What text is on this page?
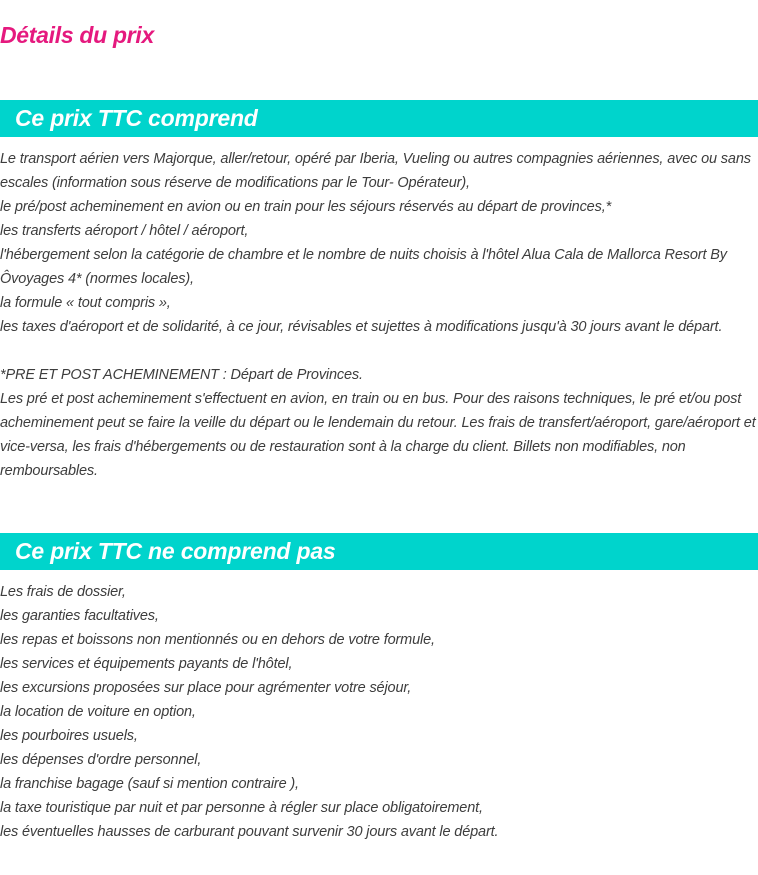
Détails du prix
Ce prix TTC comprend

Le transport aérien vers Majorque, aller/retour, opéré par Iberia, Vueling ou autres compagnies aériennes, avec ou sans escales (information sous réserve de modifications par le Tour- Opérateur),

le pré/post acheminement en avion ou en train pour les séjours réservés au départ de provinces,*

les transferts aéroport / hôtel / aéroport,

l'hébergement selon la catégorie de chambre et le nombre de nuits choisis à l'hôtel Alua Cala de Mallorca Resort By Ôvoyages 4* (normes locales),

la formule « tout compris »,

les taxes d'aéroport et de solidarité, à ce jour, révisables et sujettes à modifications jusqu'à 30 jours avant le départ.

*PRE ET POST ACHEMINEMENT : Départ de Provinces.

Les pré et post acheminement s'effectuent en avion, en train ou en bus. Pour des raisons techniques, le pré et/ou post acheminement peut se faire la veille du départ ou le lendemain du retour. Les frais de transfert/aéroport, gare/aéroport et vice-versa, les frais d'hébergements ou de restauration sont à la charge du client. Billets non modifiables, non remboursables.

Ce prix TTC ne comprend pas

Les frais de dossier,

les garanties facultatives,

les repas et boissons non mentionnés ou en dehors de votre formule,

les services et équipements payants de l'hôtel,

les excursions proposées sur place pour agrémenter votre séjour,

la location de voiture en option,

les pourboires usuels,

les dépenses d'ordre personnel,

la franchise bagage (sauf si mention contraire ),

la taxe touristique par nuit et par personne à régler sur place obligatoirement,

les éventuelles hausses de carburant pouvant survenir 30 jours avant le départ.
